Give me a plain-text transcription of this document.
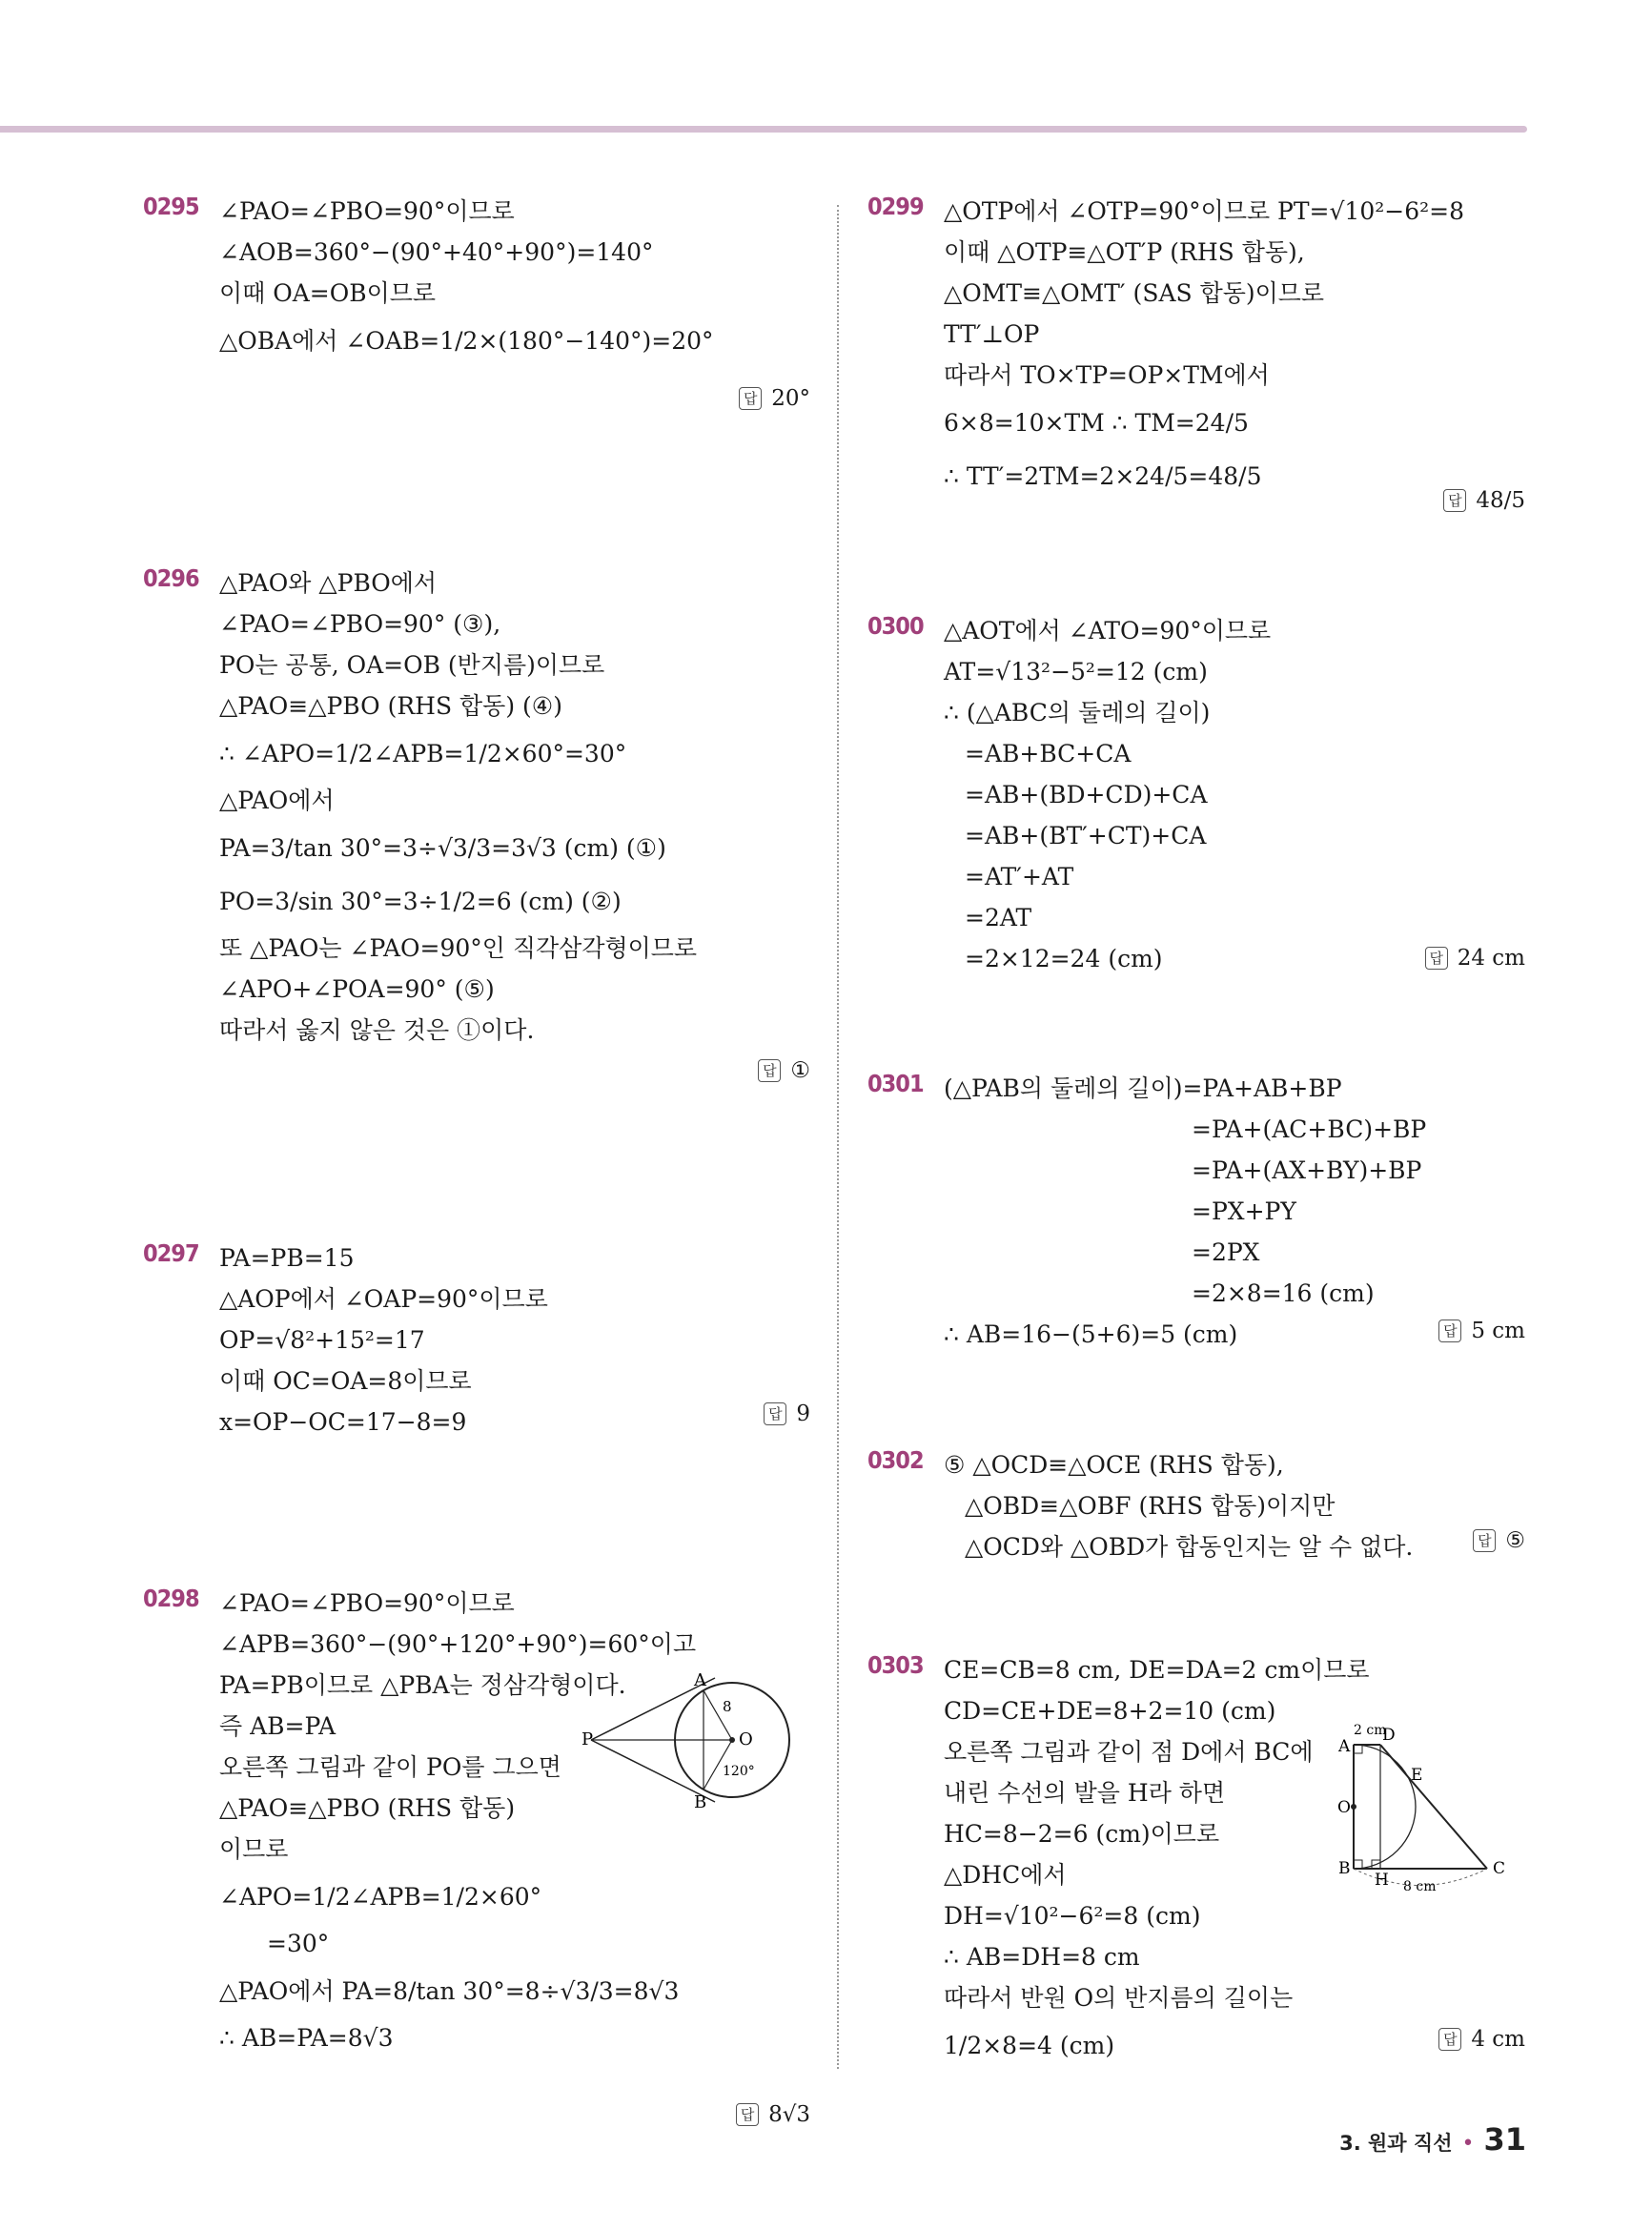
0295 ∠PAO=∠PBO=90°이므로
∠AOB=360°−(90°+40°+90°)=140°
이때 OA=OB이므로
△OBA에서 ∠OAB=1/2×(180°−140°)=20°
답 20°
0296 △PAO와 △PBO에서
∠PAO=∠PBO=90° (③),
PO는 공통, OA=OB (반지름)이므로
△PAO≡△PBO (RHS 합동) (④)
∴ ∠APO=1/2∠APB=1/2×60°=30°
△PAO에서
PA=3/tan 30°=3÷√3/3=3√3 (cm) (①)
PO=3/sin 30°=3÷1/2=6 (cm) (②)
또 △PAO는 ∠PAO=90°인 직각삼각형이므로
∠APO+∠POA=90° (⑤)
따라서 옳지 않은 것은 ①이다.
답 ①
0297 PA=PB=15
△AOP에서 ∠OAP=90°이므로
OP=√8²+15²=17
이때 OC=OA=8이므로
x=OP−OC=17−8=9	답 9
0298 ∠PAO=∠PBO=90°이므로
∠APB=360°−(90°+120°+90°)=60°이고
PA=PB이므로 △PBA는 정삼각형이다.
즉 AB=PA
오른쪽 그림과 같이 PO를 그으면
△PAO≡△PBO (RHS 합동)
이므로
∠APO=1/2∠APB=1/2×60°
=30°
△PAO에서 PA=8/tan 30°=8÷√3/3=8√3
∴ AB=PA=8√3
답 8√3
A
B
P	O
8
120°
0299 △OTP에서 ∠OTP=90°이므로 PT=√10²−6²=8
이때 △OTP≡△OT′P (RHS 합동),
△OMT≡△OMT′ (SAS 합동)이므로
TT′⊥OP
따라서 TO×TP=OP×TM에서
6×8=10×TM ∴ TM=24/5
∴ TT′=2TM=2×24/5=48/5
답 48/5
0300 △AOT에서 ∠ATO=90°이므로
AT=√13²−5²=12 (cm)
∴ (△ABC의 둘레의 길이)
=AB+BC+CA
=AB+(BD+CD)+CA
=AB+(BT′+CT)+CA
=AT′+AT
=2AT
=2×12=24 (cm)	답 24 cm
0301 (△PAB의 둘레의 길이)=PA+AB+BP
=PA+(AC+BC)+BP
=PA+(AX+BY)+BP
=PX+PY
=2PX
=2×8=16 (cm)
∴ AB=16−(5+6)=5 (cm)	답 5 cm
0302 ⑤ △OCD≡△OCE (RHS 합동),
△OBD≡△OBF (RHS 합동)이지만
△OCD와 △OBD가 합동인지는 알 수 없다.	답 ⑤
0303 CE=CB=8 cm, DE=DA=2 cm이므로
CD=CE+DE=8+2=10 (cm)
오른쪽 그림과 같이 점 D에서 BC에
내린 수선의 발을 H라 하면
HC=8−2=6 (cm)이므로
△DHC에서
DH=√10²−6²=8 (cm)
∴ AB=DH=8 cm
따라서 반원 O의 반지름의 길이는
1/2×8=4 (cm)	답 4 cm
A
D
E
O
B
H
C
2 cm
8 cm
3. 원과 직선 • 31
